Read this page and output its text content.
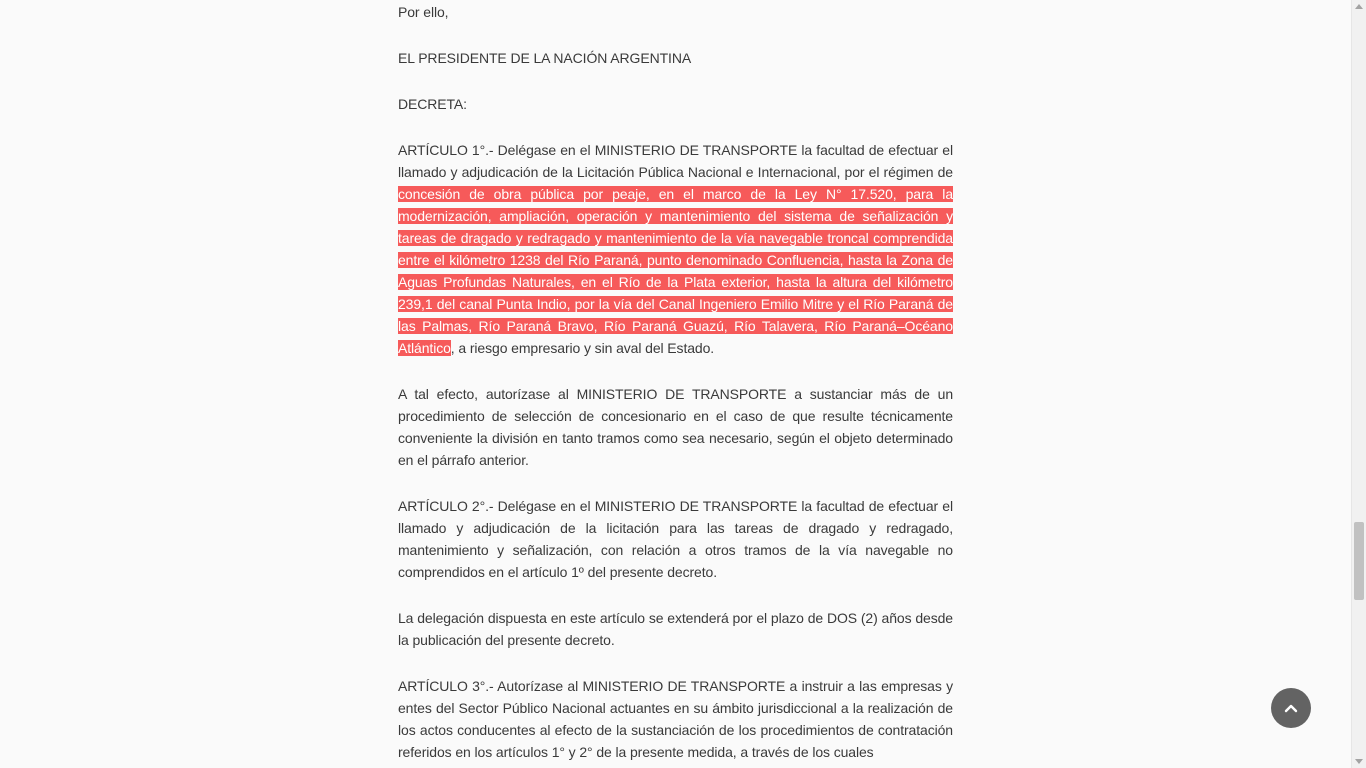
Por ello,

EL PRESIDENTE DE LA NACIÓN ARGENTINA

DECRETA:

ARTÍCULO 1°.- Delégase en el MINISTERIO DE TRANSPORTE la facultad de efectuar el llamado y adjudicación de la Licitación Pública Nacional e Internacional, por el régimen de concesión de obra pública por peaje, en el marco de la Ley N° 17.520, para la modernización, ampliación, operación y mantenimiento del sistema de señalización y tareas de dragado y redragado y mantenimiento de la vía navegable troncal comprendida entre el kilómetro 1238 del Río Paraná, punto denominado Confluencia, hasta la Zona de Aguas Profundas Naturales, en el Río de la Plata exterior, hasta la altura del kilómetro 239,1 del canal Punta Indio, por la vía del Canal Ingeniero Emilio Mitre y el Río Paraná de las Palmas, Río Paraná Bravo, Río Paraná Guazú, Río Talavera, Río Paraná–Océano Atlántico, a riesgo empresario y sin aval del Estado.

A tal efecto, autorízase al MINISTERIO DE TRANSPORTE a sustanciar más de un procedimiento de selección de concesionario en el caso de que resulte técnicamente conveniente la división en tanto tramos como sea necesario, según el objeto determinado en el párrafo anterior.

ARTÍCULO 2°.- Delégase en el MINISTERIO DE TRANSPORTE la facultad de efectuar el llamado y adjudicación de la licitación para las tareas de dragado y redragado, mantenimiento y señalización, con relación a otros tramos de la vía navegable no comprendidos en el artículo 1º del presente decreto.

La delegación dispuesta en este artículo se extenderá por el plazo de DOS (2) años desde la publicación del presente decreto.

ARTÍCULO 3°.- Autorízase al MINISTERIO DE TRANSPORTE a instruir a las empresas y entes del Sector Público Nacional actuantes en su ámbito jurisdiccional a la realización de los actos conducentes al efecto de la sustanciación de los procedimientos de contratación referidos en los artículos 1° y 2° de la presente medida, a través de los cuales
